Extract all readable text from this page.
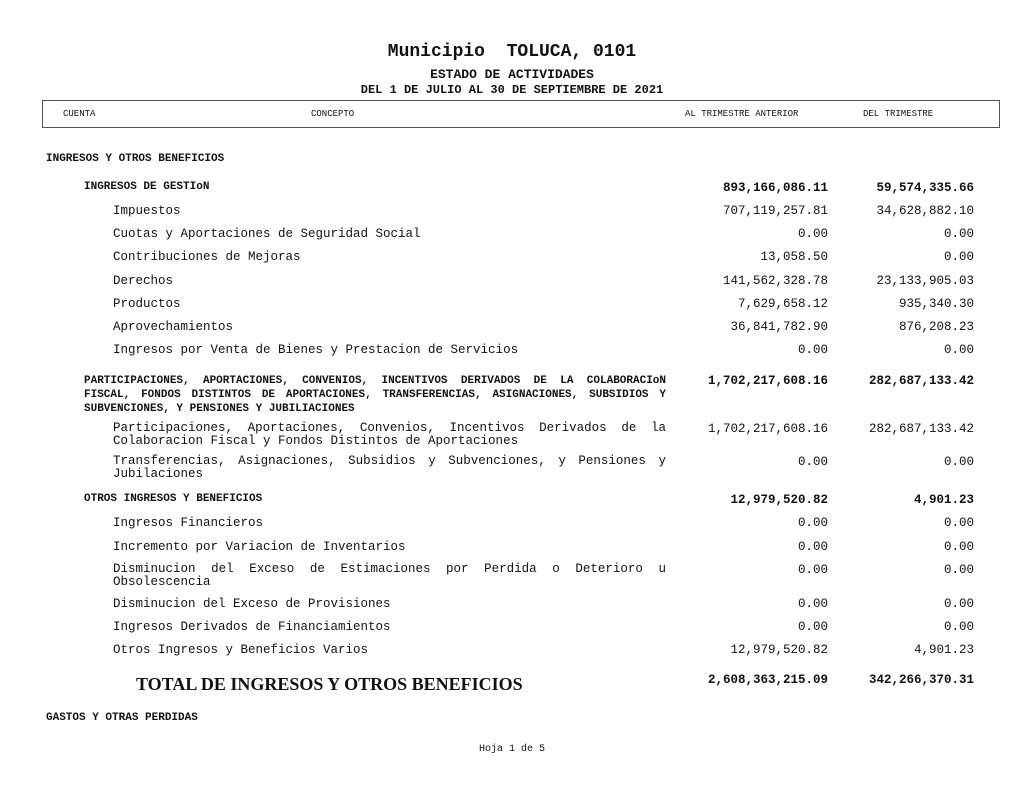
Municipio  TOLUCA, 0101
ESTADO DE ACTIVIDADES
DEL 1 DE JULIO AL 30 DE SEPTIEMBRE DE 2021
CUENTA	CONCEPTO	AL TRIMESTRE ANTERIOR	DEL TRIMESTRE
INGRESOS Y OTROS BENEFICIOS
INGRESOS DE GESTIoN	893,166,086.11	59,574,335.66
Impuestos	707,119,257.81	34,628,882.10
Cuotas y Aportaciones de Seguridad Social	0.00	0.00
Contribuciones de Mejoras	13,058.50	0.00
Derechos	141,562,328.78	23,133,905.03
Productos	7,629,658.12	935,340.30
Aprovechamientos	36,841,782.90	876,208.23
Ingresos por Venta de Bienes y Prestacion de Servicios	0.00	0.00
PARTICIPACIONES, APORTACIONES, CONVENIOS, INCENTIVOS DERIVADOS DE LA COLABORACIoN FISCAL, FONDOS DISTINTOS DE APORTACIONES, TRANSFERENCIAS, ASIGNACIONES, SUBSIDIOS Y SUBVENCIONES, Y PENSIONES Y JUBILIACIONES
1,702,217,608.16	282,687,133.42
Participaciones, Aportaciones, Convenios, Incentivos Derivados de la Colaboracion Fiscal y Fondos Distintos de Aportaciones
1,702,217,608.16	282,687,133.42
Transferencias, Asignaciones, Subsidios y Subvenciones, y Pensiones y Jubilaciones
0.00	0.00
OTROS INGRESOS Y BENEFICIOS	12,979,520.82	4,901.23
Ingresos Financieros	0.00	0.00
Incremento por Variacion de Inventarios	0.00	0.00
Disminucion del Exceso de Estimaciones por Perdida o Deterioro u Obsolescencia
0.00	0.00
Disminucion del Exceso de Provisiones	0.00	0.00
Ingresos Derivados de Financiamientos	0.00	0.00
Otros Ingresos y Beneficios Varios	12,979,520.82	4,901.23
TOTAL DE INGRESOS Y OTROS BENEFICIOS	2,608,363,215.09	342,266,370.31
GASTOS Y OTRAS PERDIDAS
Hoja 1 de 5
